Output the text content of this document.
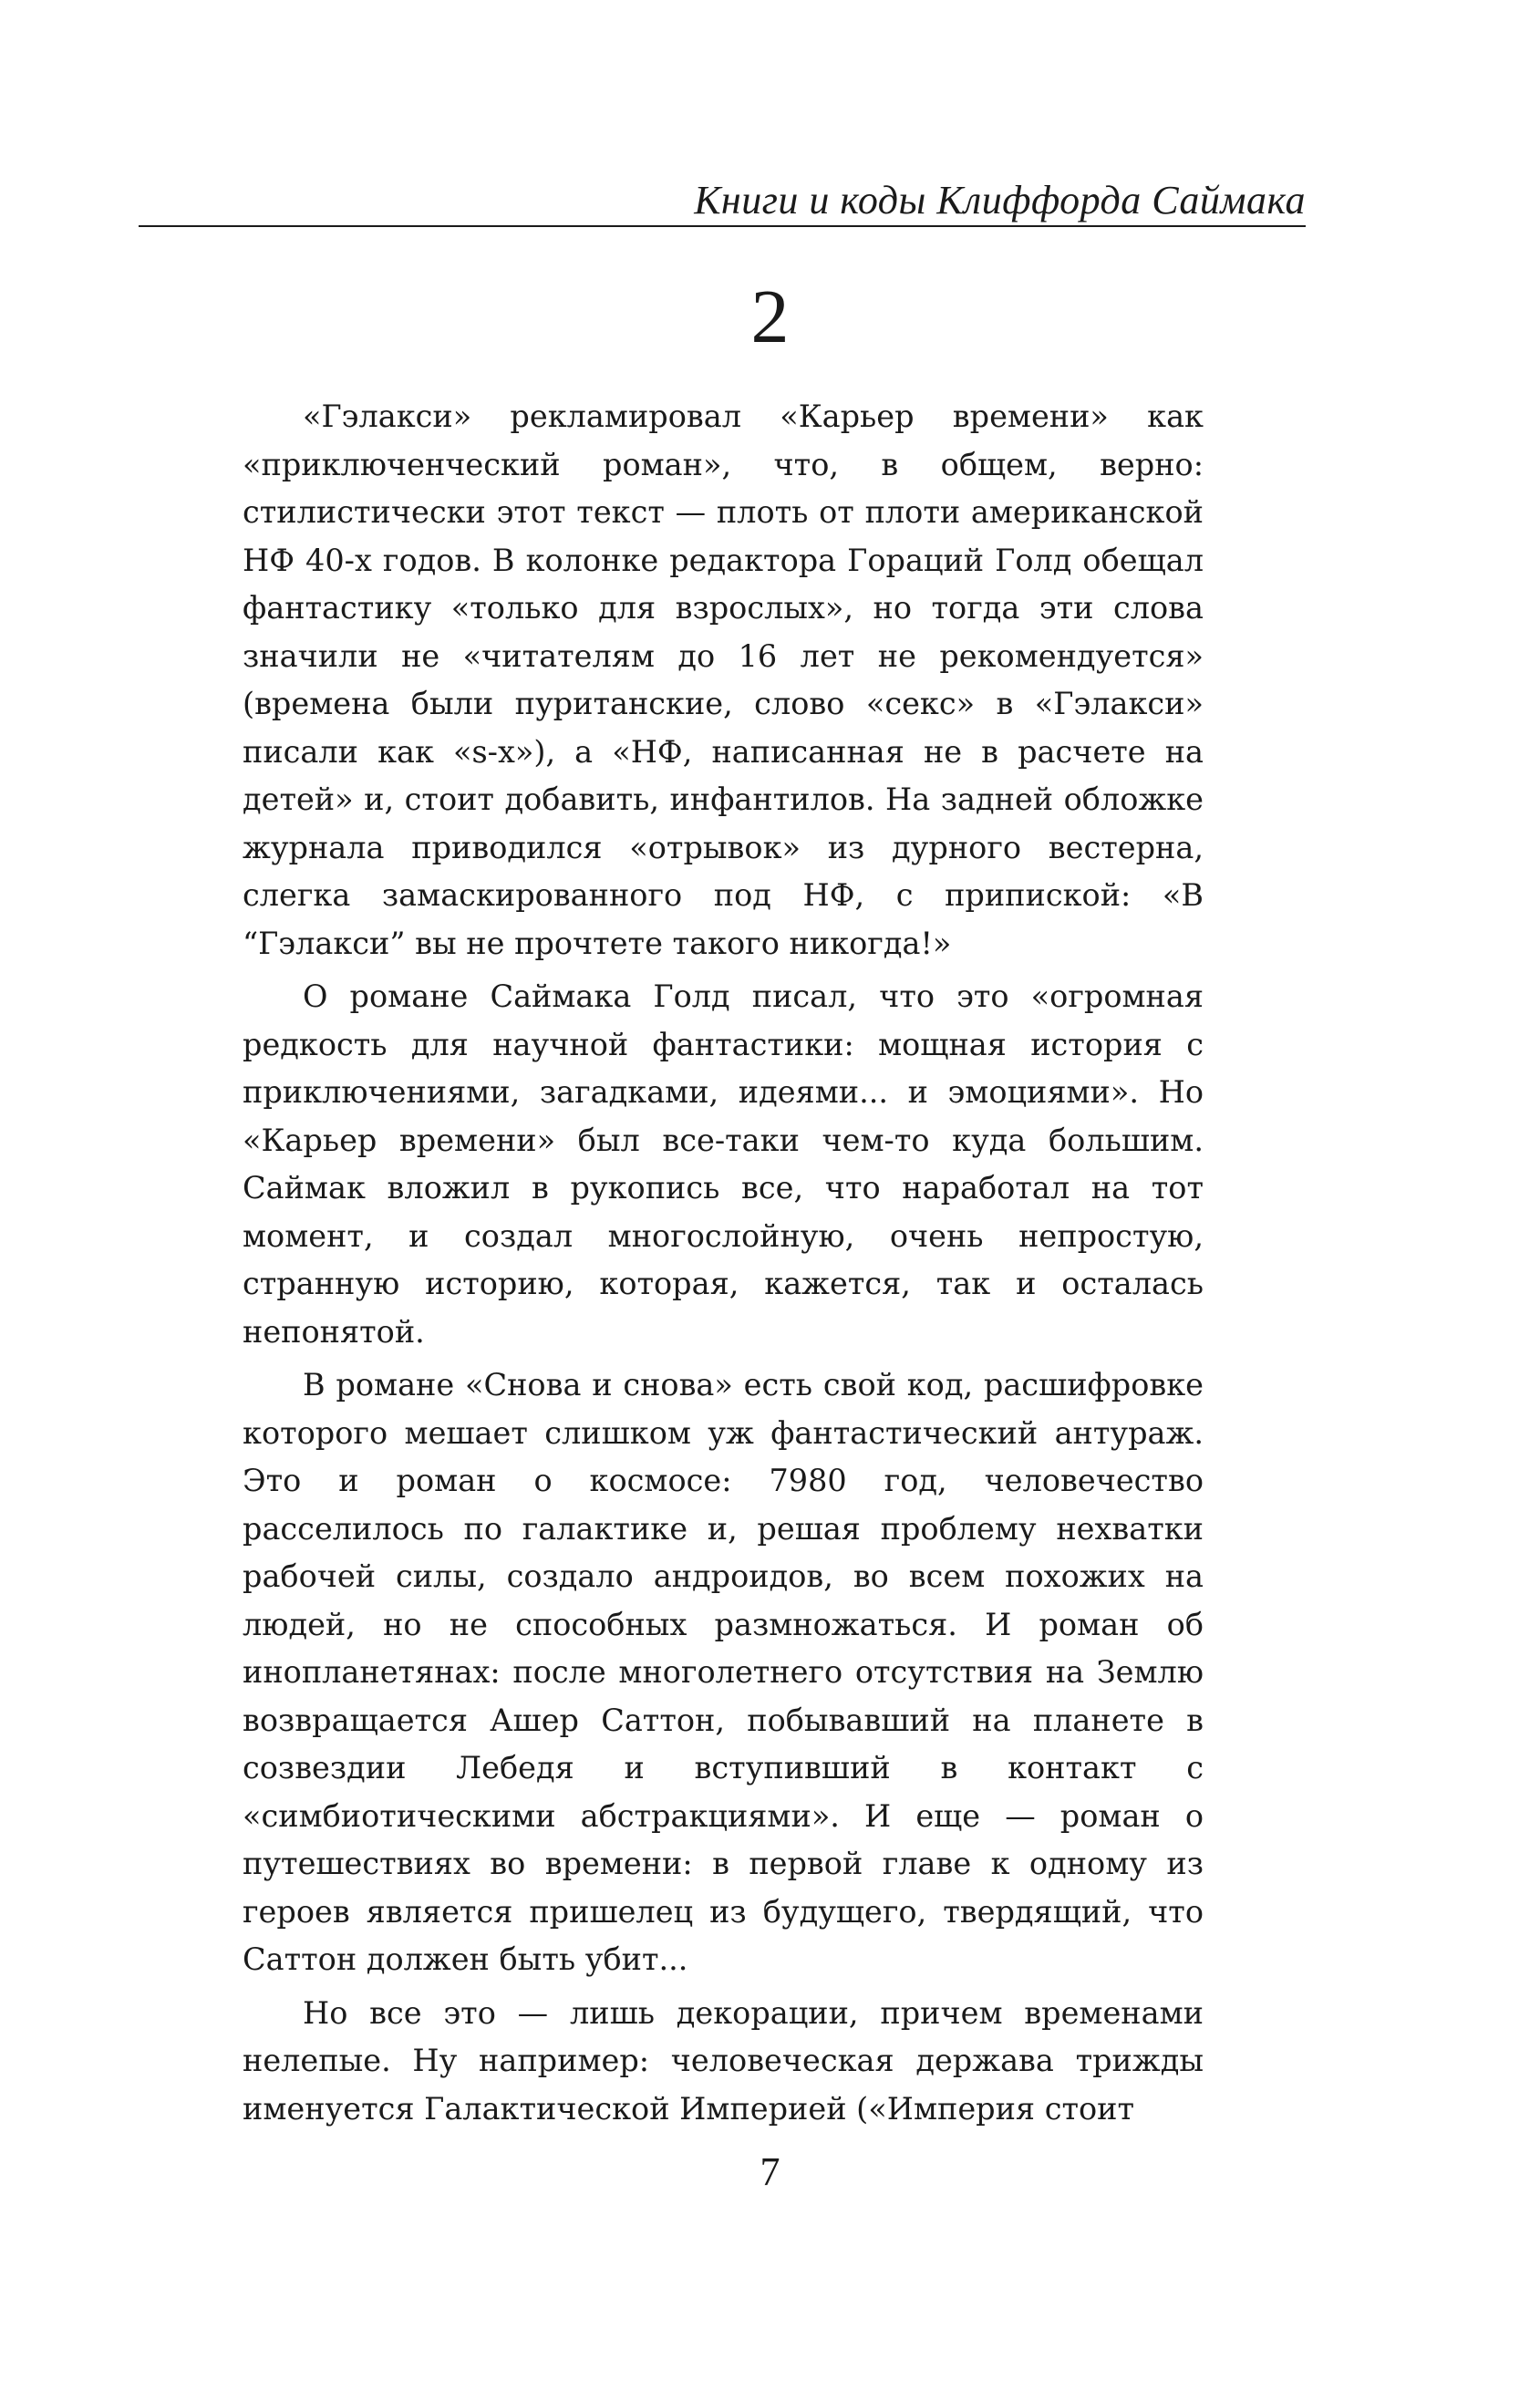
Книги и коды Клиффорда Саймака
2

«Гэлакси» рекламировал «Карьер времени» как «приключенческий роман», что, в общем, верно: стилистически этот текст — плоть от плоти американской НФ 40-х годов. В колонке редактора Гораций Голд обещал фантастику «только для взрослых», но тогда эти слова значили не «читателям до 16 лет не рекомендуется» (времена были пуританские, слово «секс» в «Гэлакси» писали как «s-x»), а «НФ, написанная не в расчете на детей» и, стоит добавить, инфантилов. На задней обложке журнала приводился «отрывок» из дурного вестерна, слегка замаскированного под НФ, с припиской: «В “Гэлакси” вы не прочтете такого никогда!»

О романе Саймака Голд писал, что это «огромная редкость для научной фантастики: мощная история с приключениями, загадками, идеями... и эмоциями». Но «Карьер времени» был все-таки чем-то куда большим. Саймак вложил в рукопись все, что наработал на тот момент, и создал многослойную, очень непростую, странную историю, которая, кажется, так и осталась непонятой.

В романе «Снова и снова» есть свой код, расшифровке которого мешает слишком уж фантастический антураж. Это и роман о космосе: 7980 год, человечество расселилось по галактике и, решая проблему нехватки рабочей силы, создало андроидов, во всем похожих на людей, но не способных размножаться. И роман об инопланетянах: после многолетнего отсутствия на Землю возвращается Ашер Саттон, побывавший на планете в созвездии Лебедя и вступивший в контакт с «симбиотическими абстракциями». И еще — роман о путешествиях во времени: в первой главе к одному из героев является пришелец из будущего, твердящий, что Саттон должен быть убит...

Но все это — лишь декорации, причем временами нелепые. Ну например: человеческая держава трижды именуется Галактической Империей («Империя стоит

7
